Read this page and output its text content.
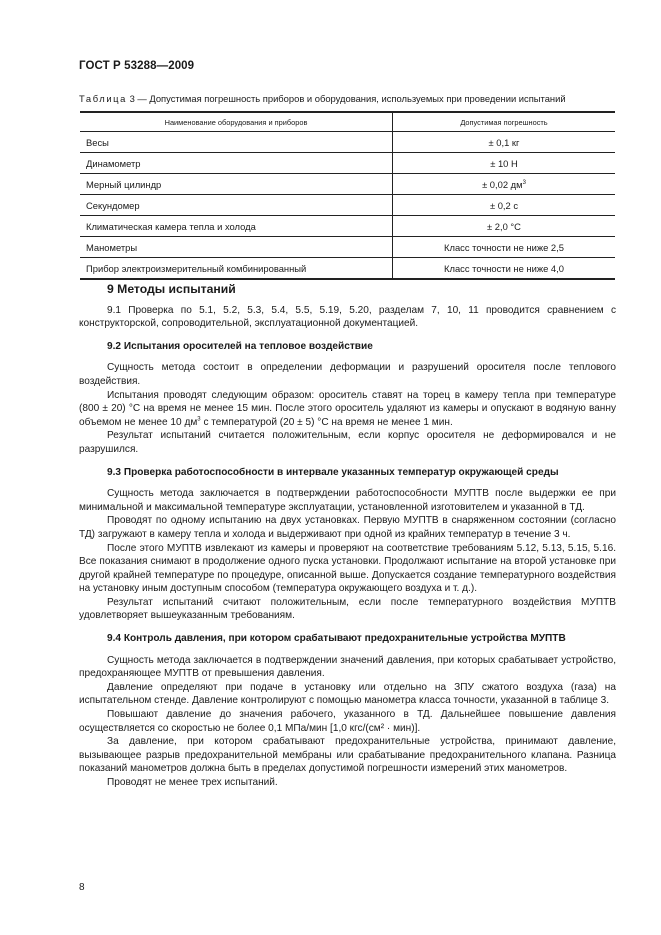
ГОСТ Р 53288—2009
Таблица 3 — Допустимая погрешность приборов и оборудования, используемых при проведении испытаний
Наименование оборудования и приборов	Допустимая погрешность
Весы	± 0,1 кг
Динамометр	± 10 Н
Мерный цилиндр	± 0,02 $дм^3$
Секундомер	± 0,2 с
Климатическая камера тепла и холода	± 2,0 °С
Манометры	Класс точности не ниже 2,5
Прибор электроизмерительный комбинированный	Класс точности не ниже 4,0
9 Методы испытаний

9.1 Проверка по 5.1, 5.2, 5.3, 5.4, 5.5, 5.19, 5.20, разделам 7, 10, 11 проводится сравнением с конструкторской, сопроводительной, эксплуатационной документацией.

9.2 Испытания оросителей на тепловое воздействие

Сущность метода состоит в определении деформации и разрушений оросителя после теплового воздействия.

Испытания проводят следующим образом: ороситель ставят на торец в камеру тепла при температуре (800 ± 20) °С на время не менее 15 мин. После этого ороситель удаляют из камеры и опускают в водяную ванну объемом не менее 10 $дм^3$ с температурой (20 ± 5) °С на время не менее 1 мин.

Результат испытаний считается положительным, если корпус оросителя не деформировался и не разрушился.

9.3 Проверка работоспособности в интервале указанных температур окружающей среды

Сущность метода заключается в подтверждении работоспособности МУПТВ после выдержки ее при минимальной и максимальной температуре эксплуатации, установленной изготовителем и указанной в ТД.

Проводят по одному испытанию на двух установках. Первую МУПТВ в снаряженном состоянии (согласно ТД) загружают в камеру тепла и холода и выдерживают при одной из крайних температур в течение 3 ч.

После этого МУПТВ извлекают из камеры и проверяют на соответствие требованиям 5.12, 5.13, 5.15, 5.16. Все показания снимают в продолжение одного пуска установки. Продолжают испытание на второй установке при другой крайней температуре по процедуре, описанной выше. Допускается создание температурного воздействия на установку иным доступным способом (температура окружающего воздуха и т. д.).

Результат испытаний считают положительным, если после температурного воздействия МУПТВ удовлетворяет вышеуказанным требованиям.

9.4 Контроль давления, при котором срабатывают предохранительные устройства МУПТВ

Сущность метода заключается в подтверждении значений давления, при которых срабатывает устройство, предохраняющее МУПТВ от превышения давления.

Давление определяют при подаче в установку или отдельно на ЗПУ сжатого воздуха (газа) на испытательном стенде. Давление контролируют с помощью манометра класса точности, указанной в таблице 3.

Повышают давление до значения рабочего, указанного в ТД. Дальнейшее повышение давления осуществляется со скоростью не более 0,1 МПа/мин [1,0 кгс/(см² · мин)].

За давление, при котором срабатывают предохранительные устройства, принимают давление, вызывающее разрыв предохранительной мембраны или срабатывание предохранительного клапана. Разница показаний манометров должна быть в пределах допустимой погрешности измерений этих манометров.

Проводят не менее трех испытаний.

8
